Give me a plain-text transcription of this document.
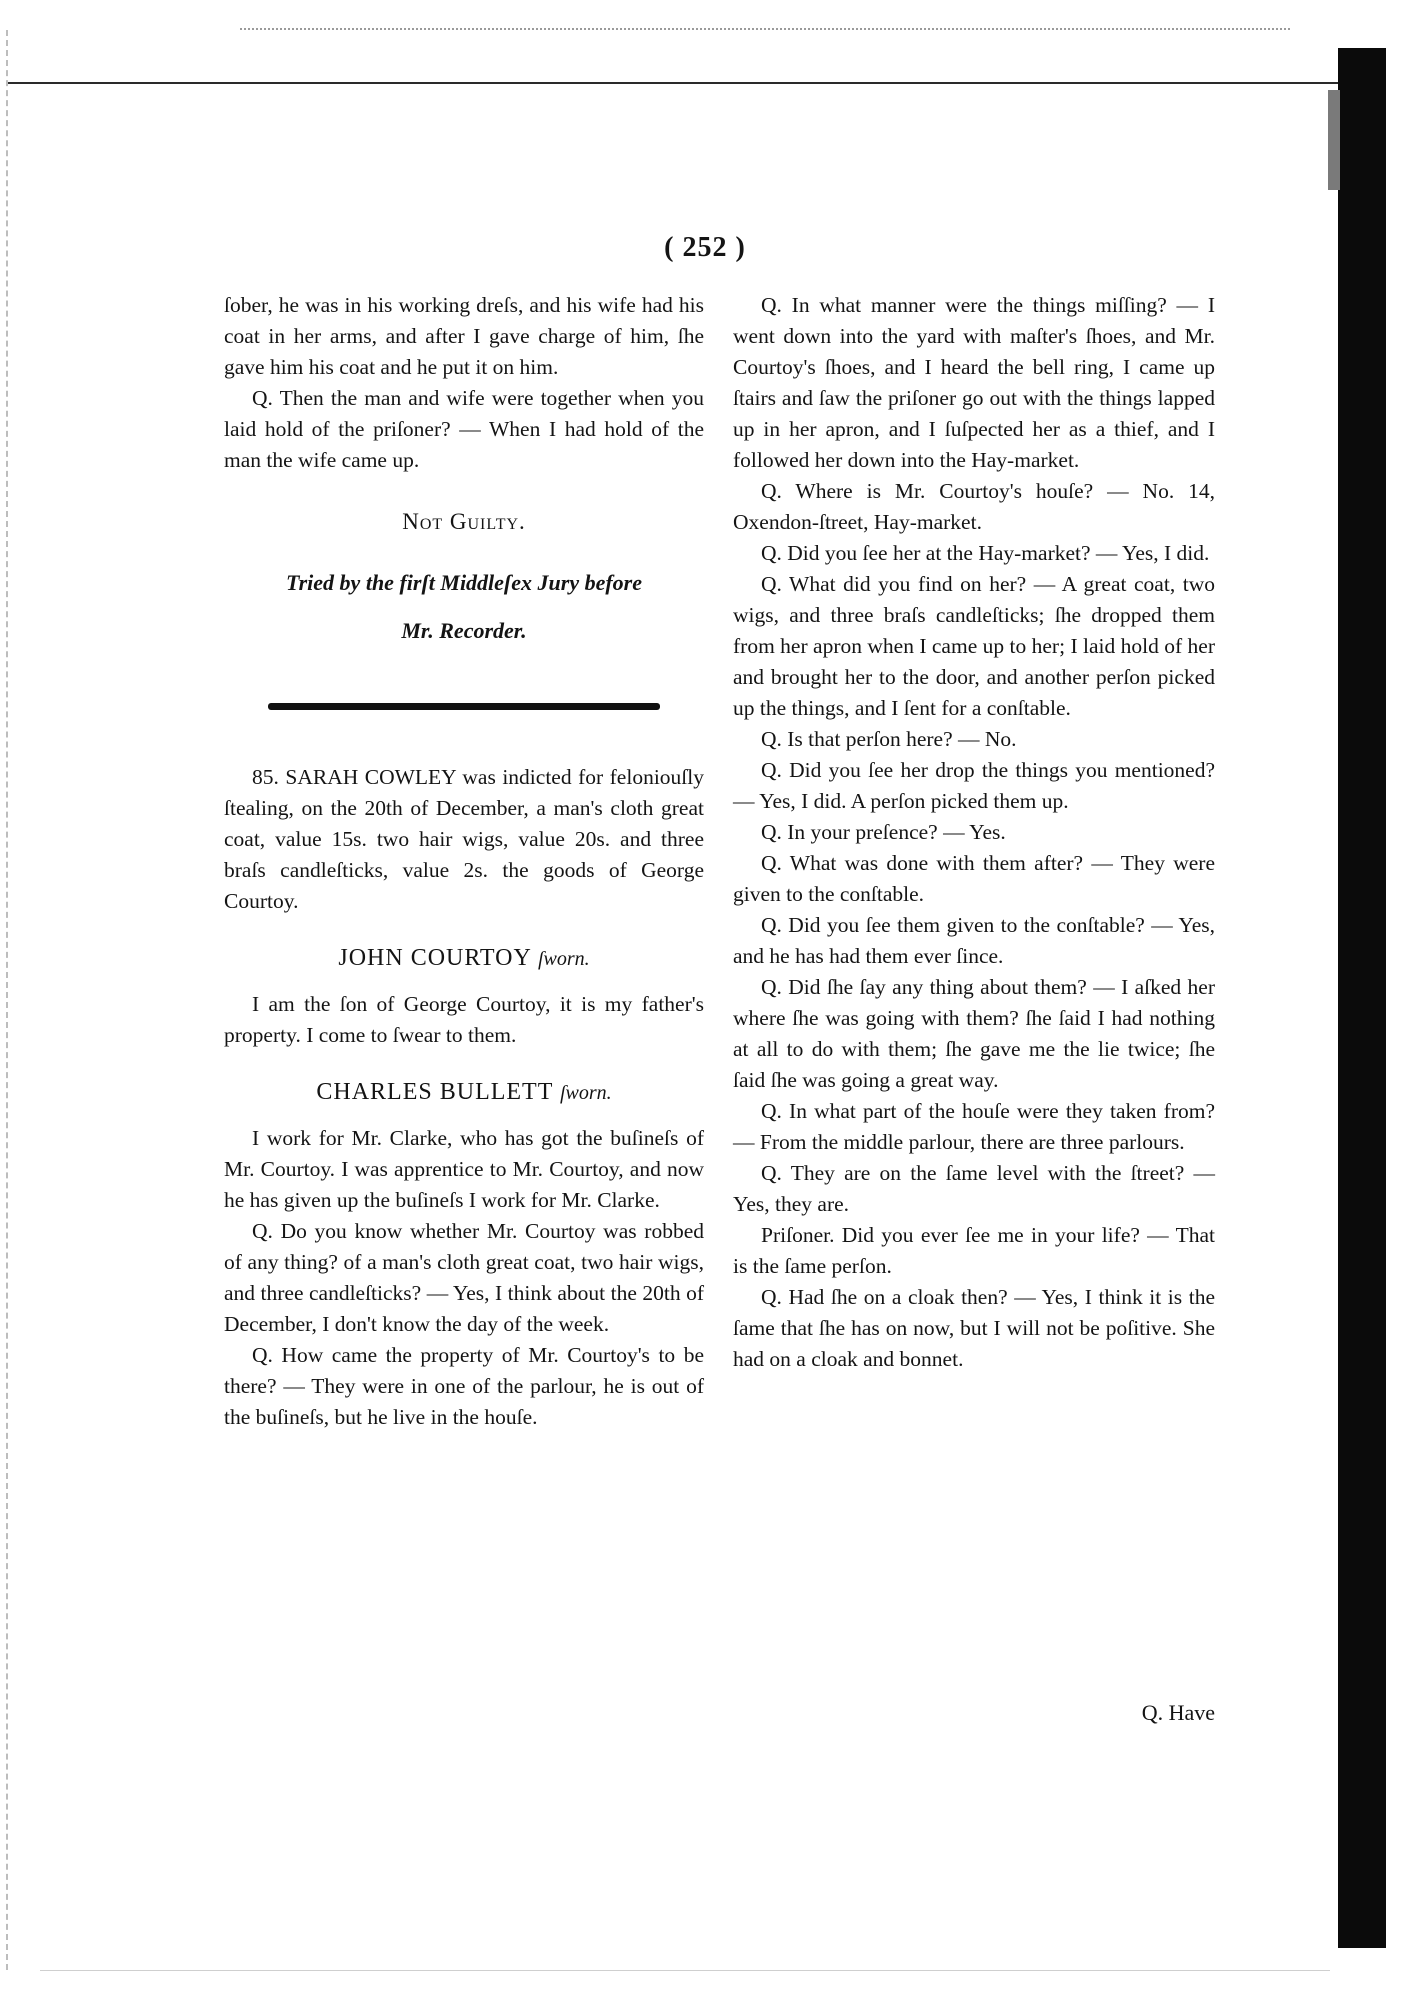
( 252 )

ſober, he was in his working dreſs, and his wife had his coat in her arms, and after I gave charge of him, ſhe gave him his coat and he put it on him.

Q. Then the man and wife were together when you laid hold of the priſoner? — When I had hold of the man the wife came up.

Not Guilty.

Tried by the firſt Middleſex Jury before

Mr. Recorder.

85. SARAH COWLEY was indicted for feloniouſly ſtealing, on the 20th of December, a man's cloth great coat, value 15s. two hair wigs, value 20s. and three braſs candleſticks, value 2s. the goods of George Courtoy.

JOHN COURTOY ſworn.

I am the ſon of George Courtoy, it is my father's property. I come to ſwear to them.

CHARLES BULLETT ſworn.

I work for Mr. Clarke, who has got the buſineſs of Mr. Courtoy. I was apprentice to Mr. Courtoy, and now he has given up the buſineſs I work for Mr. Clarke.

Q. Do you know whether Mr. Courtoy was robbed of any thing? of a man's cloth great coat, two hair wigs, and three candleſticks? — Yes, I think about the 20th of December, I don't know the day of the week.

Q. How came the property of Mr. Courtoy's to be there? — They were in one of the parlour, he is out of the buſineſs, but he live in the houſe.

Q. In what manner were the things miſſing? — I went down into the yard with maſter's ſhoes, and Mr. Courtoy's ſhoes, and I heard the bell ring, I came up ſtairs and ſaw the priſoner go out with the things lapped up in her apron, and I ſuſpected her as a thief, and I followed her down into the Hay-market.

Q. Where is Mr. Courtoy's houſe? — No. 14, Oxendon-ſtreet, Hay-market.

Q. Did you ſee her at the Hay-market? — Yes, I did.

Q. What did you find on her? — A great coat, two wigs, and three braſs candleſticks; ſhe dropped them from her apron when I came up to her; I laid hold of her and brought her to the door, and another perſon picked up the things, and I ſent for a conſtable.

Q. Is that perſon here? — No.

Q. Did you ſee her drop the things you mentioned? — Yes, I did. A perſon picked them up.

Q. In your preſence? — Yes.

Q. What was done with them after? — They were given to the conſtable.

Q. Did you ſee them given to the conſtable? — Yes, and he has had them ever ſince.

Q. Did ſhe ſay any thing about them? — I aſked her where ſhe was going with them? ſhe ſaid I had nothing at all to do with them; ſhe gave me the lie twice; ſhe ſaid ſhe was going a great way.

Q. In what part of the houſe were they taken from? — From the middle parlour, there are three parlours.

Q. They are on the ſame level with the ſtreet? — Yes, they are.

Priſoner. Did you ever ſee me in your life? — That is the ſame perſon.

Q. Had ſhe on a cloak then? — Yes, I think it is the ſame that ſhe has on now, but I will not be poſitive. She had on a cloak and bonnet.

Q. Have
